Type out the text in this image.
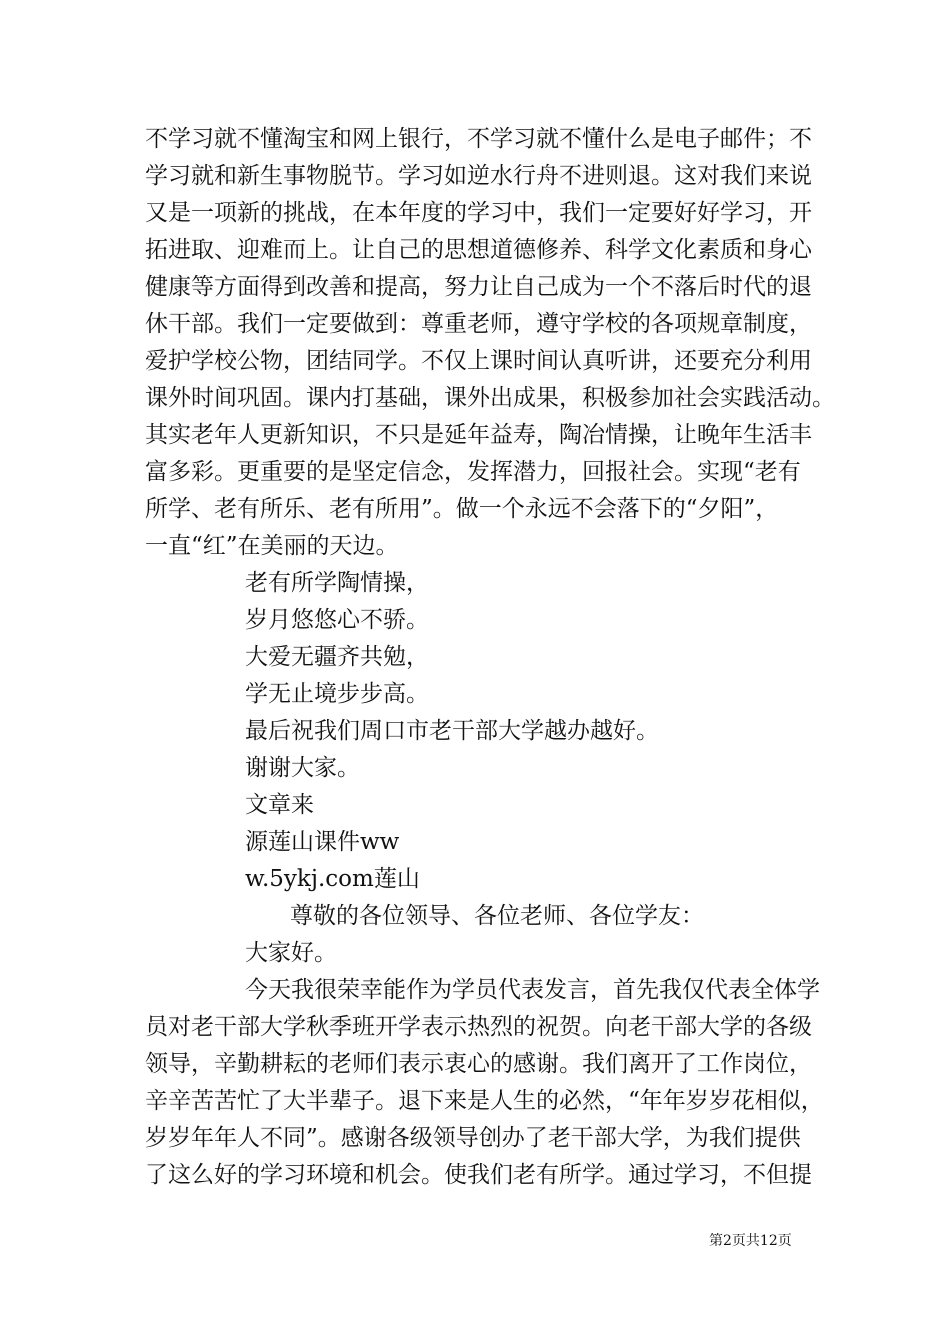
不学习就不懂淘宝和网上银行，不学习就不懂什么是电子邮件；不
学习就和新生事物脱节。学习如逆水行舟不进则退。这对我们来说
又是一项新的挑战，在本年度的学习中，我们一定要好好学习，开
拓进取、迎难而上。让自己的思想道德修养、科学文化素质和身心
健康等方面得到改善和提高，努力让自己成为一个不落后时代的退
休干部。我们一定要做到：尊重老师，遵守学校的各项规章制度，
爱护学校公物，团结同学。不仅上课时间认真听讲，还要充分利用
课外时间巩固。课内打基础，课外出成果，积极参加社会实践活动。
其实老年人更新知识，不只是延年益寿，陶冶情操，让晚年生活丰
富多彩。更重要的是坚定信念，发挥潜力，回报社会。实现“老有
所学、老有所乐、老有所用”。做一个永远不会落下的“夕阳”，
一直“红”在美丽的天边。
老有所学陶情操，
岁月悠悠心不骄。
大爱无疆齐共勉，
学无止境步步高。
最后祝我们周口市老干部大学越办越好。
谢谢大家。
文章来
源莲山课件ww
w.5ykj.com莲山
尊敬的各位领导、各位老师、各位学友：
大家好。
今天我很荣幸能作为学员代表发言，首先我仅代表全体学
员对老干部大学秋季班开学表示热烈的祝贺。向老干部大学的各级
领导，辛勤耕耘的老师们表示衷心的感谢。我们离开了工作岗位，
辛辛苦苦忙了大半辈子。退下来是人生的必然，“年年岁岁花相似，
岁岁年年人不同”。感谢各级领导创办了老干部大学，为我们提供
了这么好的学习环境和机会。使我们老有所学。通过学习，不但提
第2页共12页
